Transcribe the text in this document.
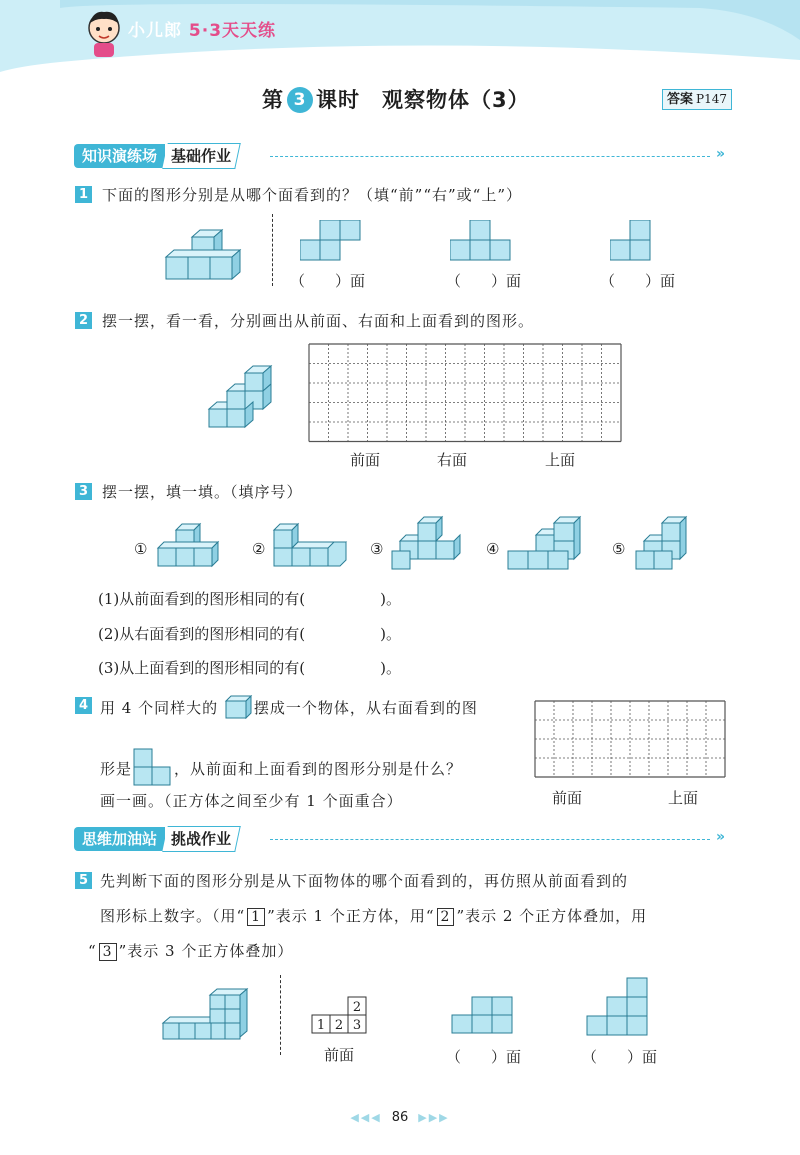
小儿郎 5·3天天练
第 3 课时　观察物体（3）	答案 P147
知识演练场 基础作业	»
1 下面的图形分别是从哪个面看到的？（填“前”“右”或“上”）
（　　）面	（　　）面	（　　）面
2 摆一摆，看一看，分别画出从前面、右面和上面看到的图形。
前面	右面	上面
3 摆一摆，填一填。（填序号）
①	②	③	④	⑤
(1)从前面看到的图形相同的有(　　　　　)。
(2)从右面看到的图形相同的有(　　　　　)。
(3)从上面看到的图形相同的有(　　　　　)。
4 用 4 个同样大的 摆成一个物体，从右面看到的图
形是	，从前面和上面看到的图形分别是什么？
画一画。（正方体之间至少有 1 个面重合）	前面	上面
思维加油站 挑战作业	»
5 先判断下面的图形分别是从下面物体的哪个面看到的，再仿照从前面看到的
图形标上数字。（用“ 1 ”表示 1 个正方体，用“ 2 ”表示 2 个正方体叠加，用
“ 3 ”表示 3 个正方体叠加）
1 2 3
2
前面	（　　）面	（　　）面
◀◀◀ 86 ▶▶▶
